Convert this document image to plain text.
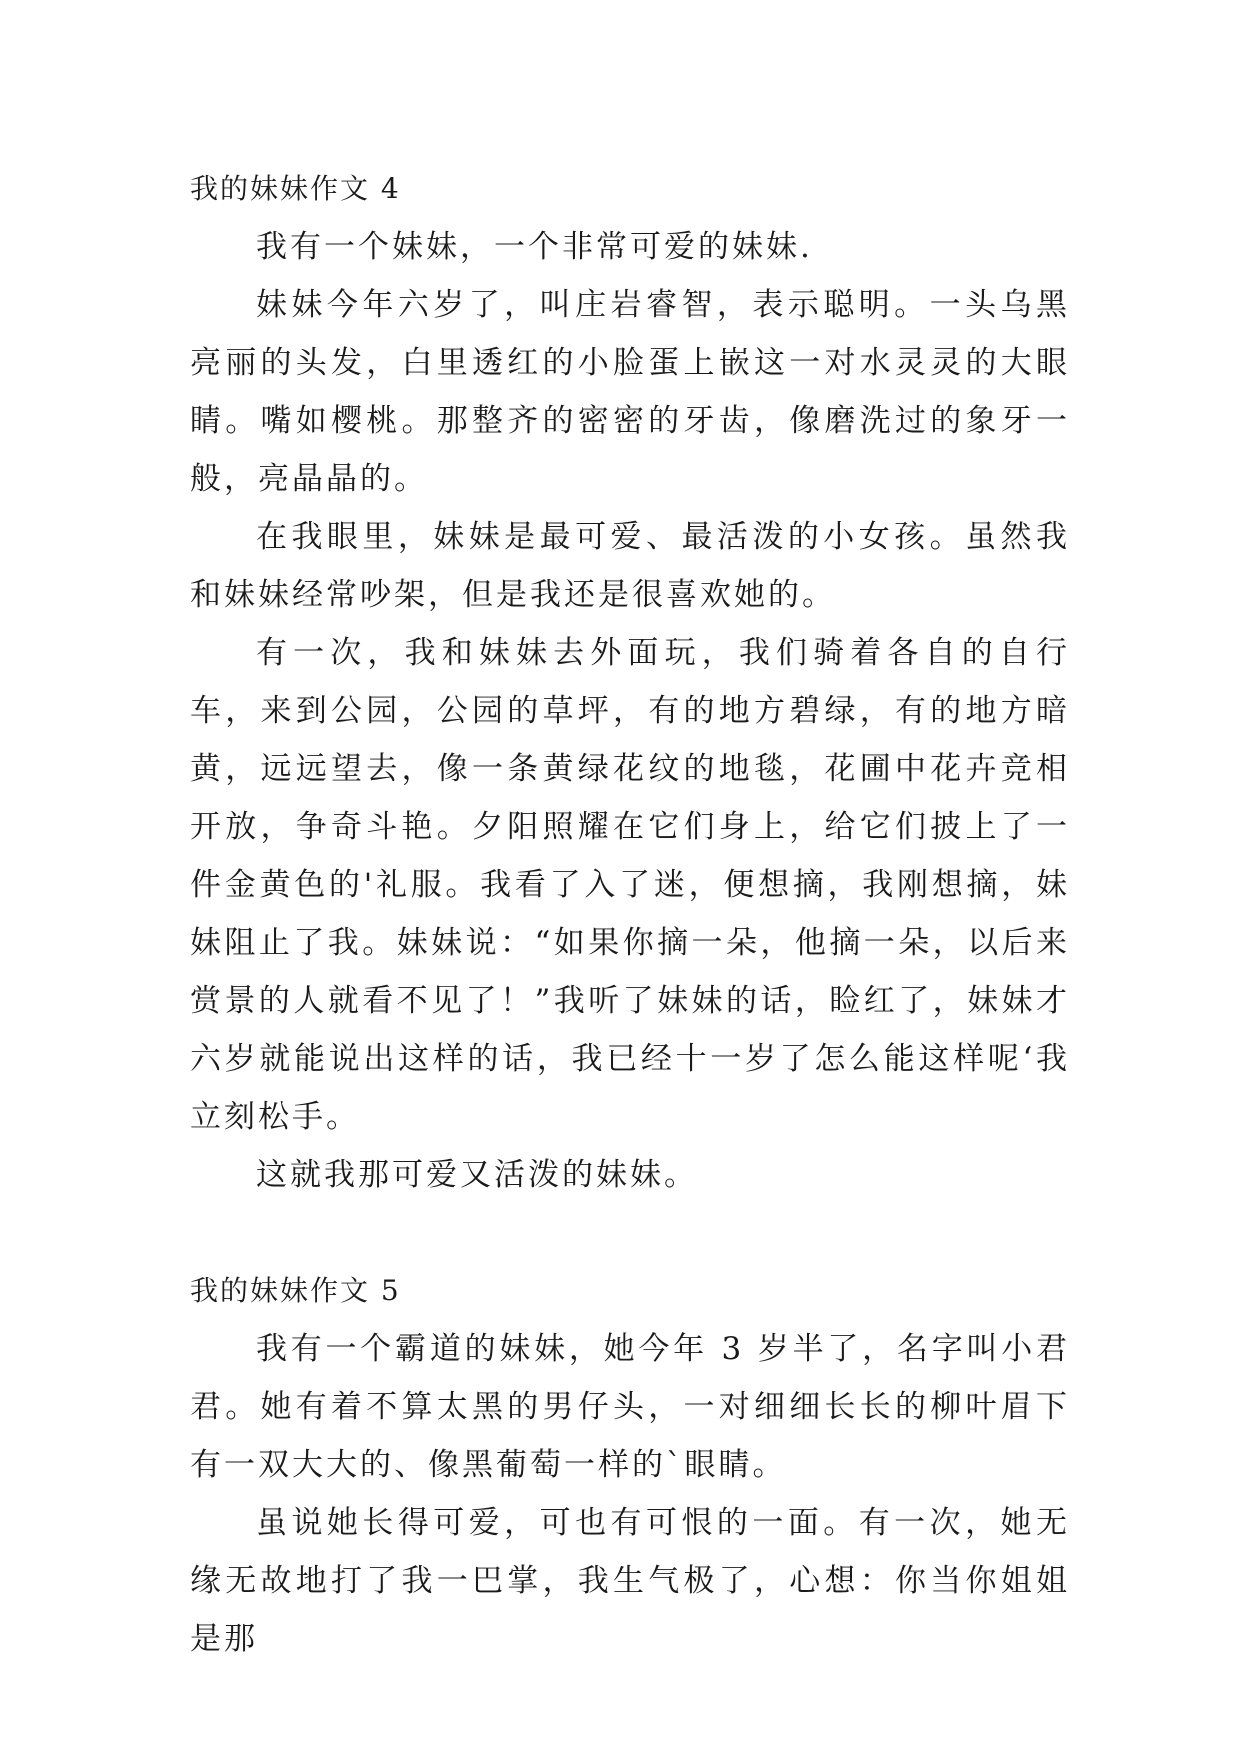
我的妹妹作文 4

我有一个妹妹，一个非常可爱的妹妹.

妹妹今年六岁了，叫庄岩睿智，表示聪明。一头乌黑亮丽的头发，白里透红的小脸蛋上嵌这一对水灵灵的大眼睛。嘴如樱桃。那整齐的密密的牙齿，像磨洗过的象牙一般，亮晶晶的。

在我眼里，妹妹是最可爱、最活泼的小女孩。虽然我和妹妹经常吵架，但是我还是很喜欢她的。

有一次，我和妹妹去外面玩，我们骑着各自的自行车，来到公园，公园的草坪，有的地方碧绿，有的地方暗黄，远远望去，像一条黄绿花纹的地毯，花圃中花卉竞相开放，争奇斗艳。夕阳照耀在它们身上，给它们披上了一件金黄色的'礼服。我看了入了迷，便想摘，我刚想摘，妹妹阻止了我。妹妹说：“如果你摘一朵，他摘一朵，以后来赏景的人就看不见了！”我听了妹妹的话，睑红了，妹妹才六岁就能说出这样的话，我已经十一岁了怎么能这样呢‘我立刻松手。

这就我那可爱又活泼的妹妹。

我的妹妹作文 5

我有一个霸道的妹妹，她今年 3 岁半了，名字叫小君君。她有着不算太黑的男仔头，一对细细长长的柳叶眉下有一双大大的、像黑葡萄一样的`眼睛。

虽说她长得可爱，可也有可恨的一面。有一次，她无缘无故地打了我一巴掌，我生气极了，心想：你当你姐姐是那
